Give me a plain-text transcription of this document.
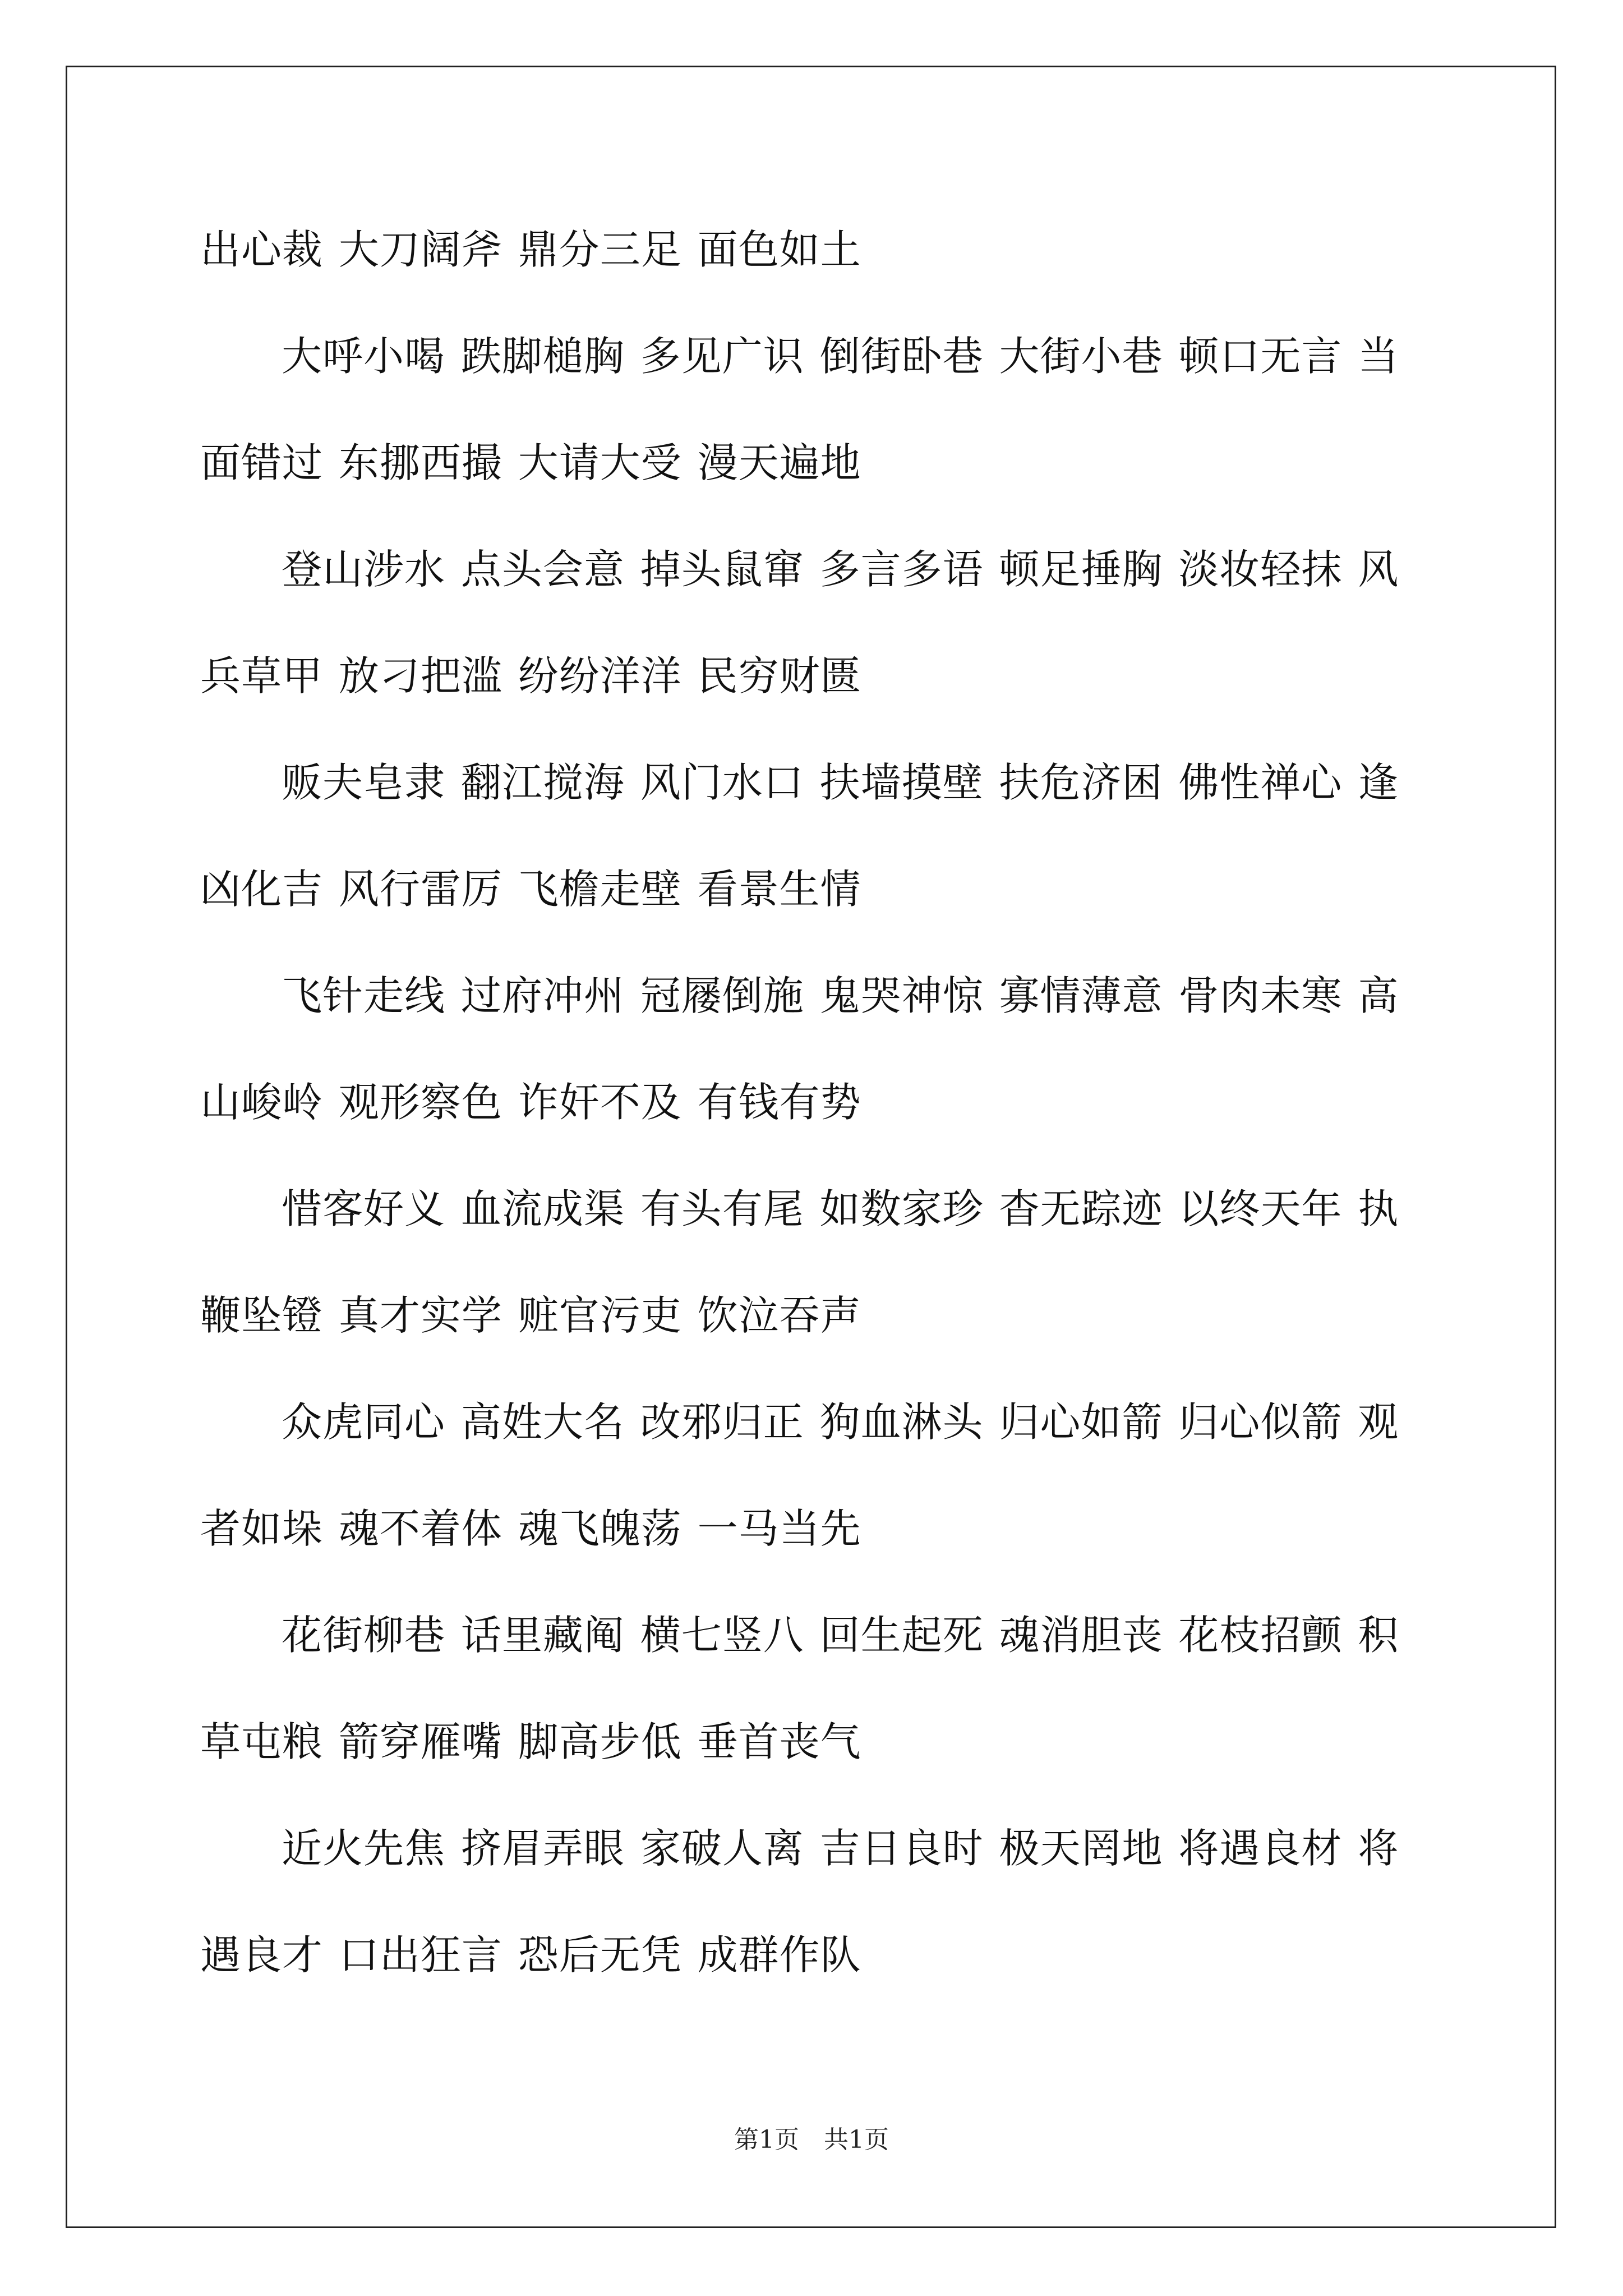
出心裁 大刀阔斧 鼎分三足 面色如土
大呼小喝 跌脚槌胸 多见广识 倒街卧巷 大街小巷 顿口无言 当
面错过 东挪西撮 大请大受 漫天遍地
登山涉水 点头会意 掉头鼠窜 多言多语 顿足捶胸 淡妆轻抹 风
兵草甲 放刁把滥 纷纷洋洋 民穷财匮
贩夫皂隶 翻江搅海 风门水口 扶墙摸壁 扶危济困 佛性禅心 逢
凶化吉 风行雷厉 飞檐走壁 看景生情
飞针走线 过府冲州 冠屦倒施 鬼哭神惊 寡情薄意 骨肉未寒 高
山峻岭 观形察色 诈奸不及 有钱有势
惜客好义 血流成渠 有头有尾 如数家珍 杳无踪迹 以终天年 执
鞭坠镫 真才实学 赃官污吏 饮泣吞声
众虎同心 高姓大名 改邪归正 狗血淋头 归心如箭 归心似箭 观
者如垛 魂不着体 魂飞魄荡 一马当先
花街柳巷 话里藏阄 横七竖八 回生起死 魂消胆丧 花枝招颤 积
草屯粮 箭穿雁嘴 脚高步低 垂首丧气
近火先焦 挤眉弄眼 家破人离 吉日良时 极天罔地 将遇良材 将
遇良才 口出狂言 恐后无凭 成群作队
第1页 共1页
